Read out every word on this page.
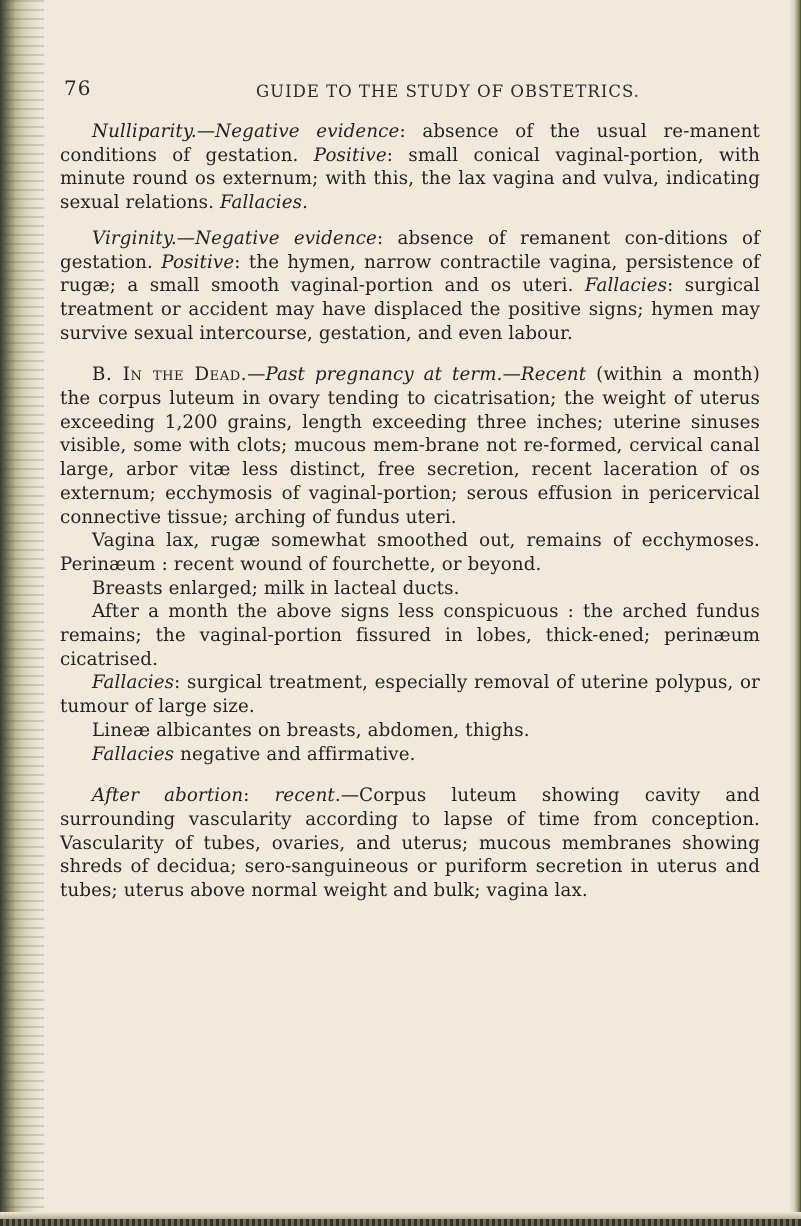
76	GUIDE TO THE STUDY OF OBSTETRICS.

Nulliparity.—Negative evidence: absence of the usual re-manent conditions of gestation. Positive: small conical vaginal-portion, with minute round os externum; with this, the lax vagina and vulva, indicating sexual relations. Fallacies.

Virginity.—Negative evidence: absence of remanent con-ditions of gestation. Positive: the hymen, narrow contractile vagina, persistence of rugæ; a small smooth vaginal-portion and os uteri. Fallacies: surgical treatment or accident may have displaced the positive signs; hymen may survive sexual intercourse, gestation, and even labour.

B. In the Dead.—Past pregnancy at term.—Recent (within a month) the corpus luteum in ovary tending to cicatrisation; the weight of uterus exceeding 1,200 grains, length exceeding three inches; uterine sinuses visible, some with clots; mucous mem-brane not re-formed, cervical canal large, arbor vitæ less distinct, free secretion, recent laceration of os externum; ecchymosis of vaginal-portion; serous effusion in pericervical connective tissue; arching of fundus uteri.

Vagina lax, rugæ somewhat smoothed out, remains of ecchymoses. Perinæum : recent wound of fourchette, or beyond.

Breasts enlarged; milk in lacteal ducts.

After a month the above signs less conspicuous : the arched fundus remains; the vaginal-portion fissured in lobes, thick-ened; perinæum cicatrised.

Fallacies: surgical treatment, especially removal of uterine polypus, or tumour of large size.

Lineæ albicantes on breasts, abdomen, thighs.

Fallacies negative and affirmative.

After abortion: recent.—Corpus luteum showing cavity and surrounding vascularity according to lapse of time from conception. Vascularity of tubes, ovaries, and uterus; mucous membranes showing shreds of decidua; sero-sanguineous or puriform secretion in uterus and tubes; uterus above normal weight and bulk; vagina lax.
